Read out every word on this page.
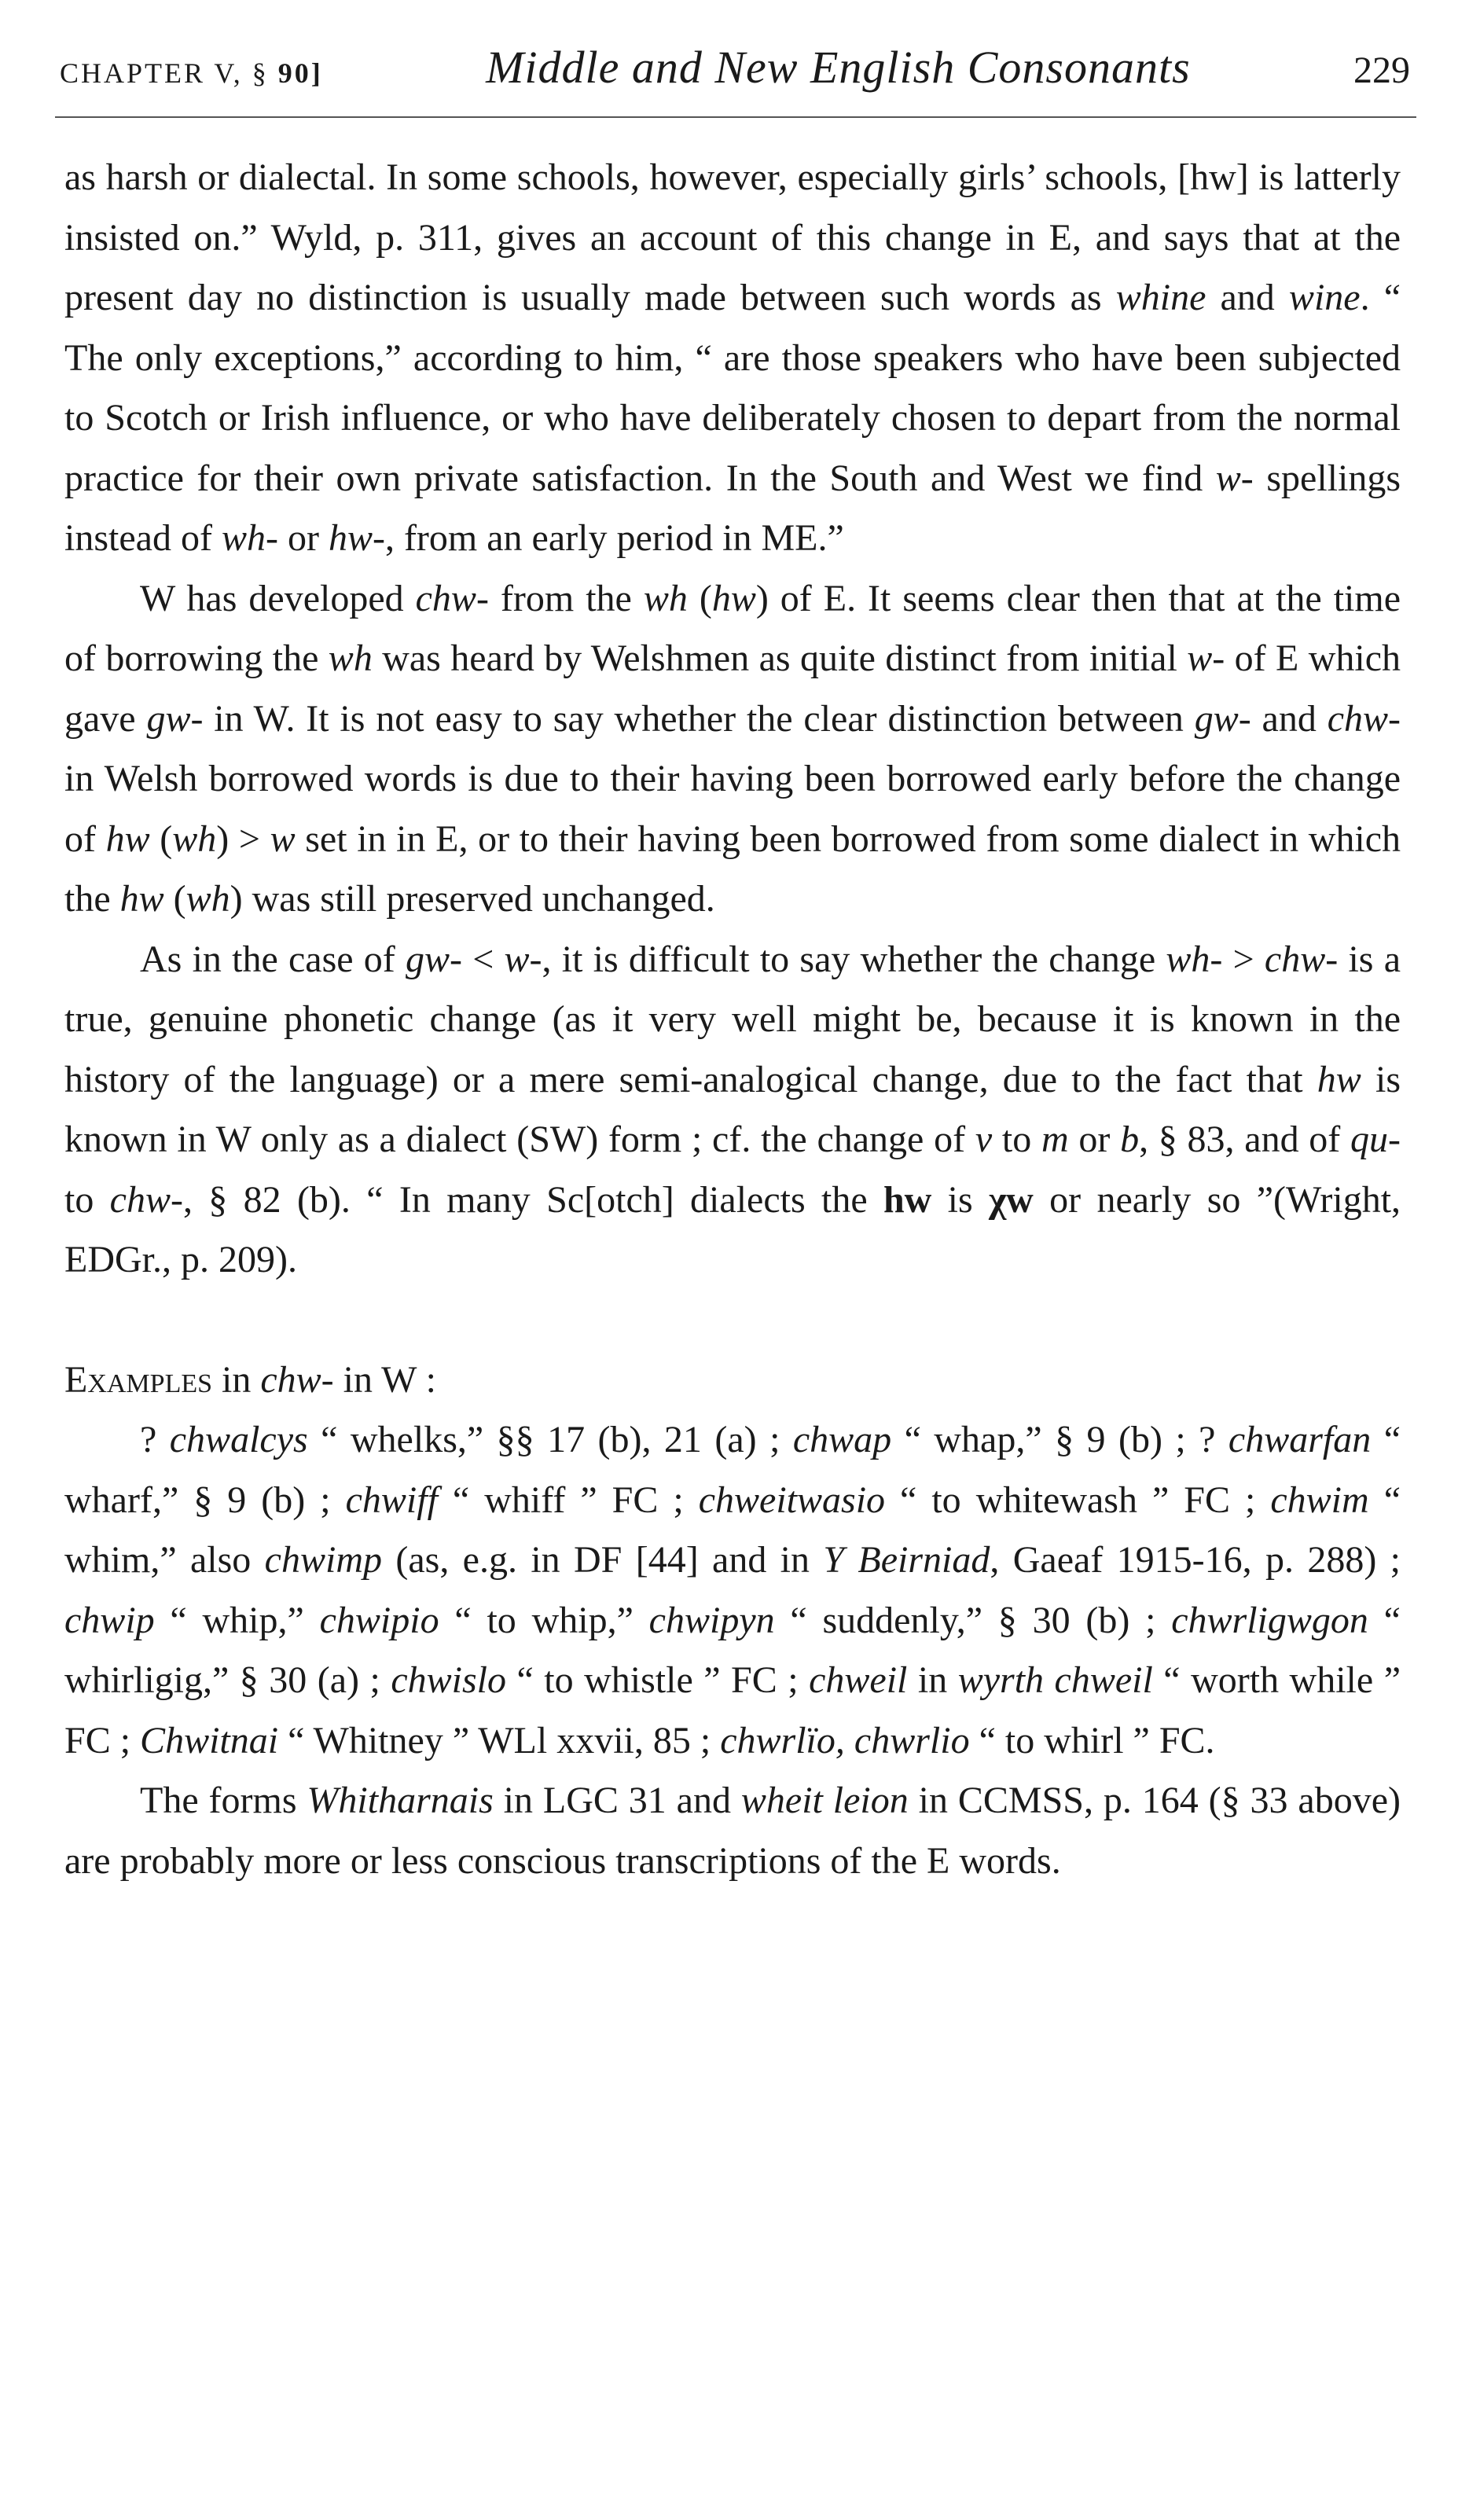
CHAPTER V, § 90]	Middle and New English Consonants	229

as harsh or dialectal. In some schools, however, especially girls’ schools, [hw] is latterly insisted on.” Wyld, p. 311, gives an account of this change in E, and says that at the present day no distinction is usually made between such words as whine and wine. “ The only exceptions,” according to him, “ are those speakers who have been subjected to Scotch or Irish influence, or who have deliberately chosen to depart from the normal practice for their own private satisfaction. In the South and West we find w- spellings instead of wh- or hw-, from an early period in ME.”

W has developed chw- from the wh (hw) of E. It seems clear then that at the time of borrowing the wh was heard by Welshmen as quite distinct from initial w- of E which gave gw- in W. It is not easy to say whether the clear distinction between gw- and chw- in Welsh borrowed words is due to their having been borrowed early before the change of hw (wh) > w set in in E, or to their having been borrowed from some dialect in which the hw (wh) was still preserved unchanged.

As in the case of gw- < w-, it is difficult to say whether the change wh- > chw- is a true, genuine phonetic change (as it very well might be, because it is known in the history of the language) or a mere semi-analogical change, due to the fact that hw is known in W only as a dialect (SW) form ; cf. the change of v to m or b, § 83, and of qu- to chw-, § 82 (b). “ In many Sc[otch] dialects the hw is χw or nearly so ”(Wright, EDGr., p. 209).

Examples in chw- in W :

? chwalcys “ whelks,” §§ 17 (b), 21 (a) ; chwap “ whap,” § 9 (b) ; ? chwarfan “ wharf,” § 9 (b) ; chwiff “ whiff ” FC ; chweitwasio “ to whitewash ” FC ; chwim “ whim,” also chwimp (as, e.g. in DF [44] and in Y Beirniad, Gaeaf 1915-16, p. 288) ; chwip “ whip,” chwipio “ to whip,” chwipyn “ suddenly,” § 30 (b) ; chwrligwgon “ whirligig,” § 30 (a) ; chwislo “ to whistle ” FC ; chweil in wyrth chweil “ worth while ” FC ; Chwitnai “ Whitney ” WLl xxvii, 85 ; chwrlïo, chwrlio “ to whirl ” FC.

The forms Whitharnais in LGC 31 and wheit leion in CCMSS, p. 164 (§ 33 above) are probably more or less conscious transcriptions of the E words.
